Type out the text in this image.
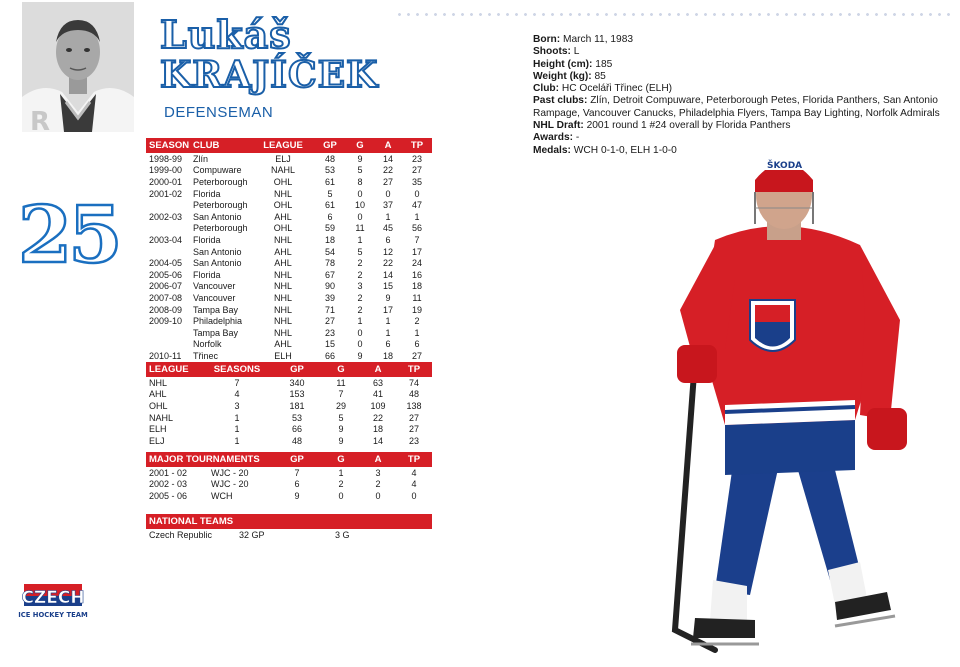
R
Lukáš
KRAJÍČEK
DEFENSEMAN
25
SEASON	CLUB	LEAGUE	GP	G	A	TP
1998-99	Zlín	ELJ	48	9	14	23
1999-00	Compuware	NAHL	53	5	22	27
2000-01	Peterborough	OHL	61	8	27	35
2001-02	Florida	NHL	5	0	0	0
	Peterborough	OHL	61	10	37	47
2002-03	San Antonio	AHL	6	0	1	1
	Peterborough	OHL	59	11	45	56
2003-04	Florida	NHL	18	1	6	7
	San Antonio	AHL	54	5	12	17
2004-05	San Antonio	AHL	78	2	22	24
2005-06	Florida	NHL	67	2	14	16
2006-07	Vancouver	NHL	90	3	15	18
2007-08	Vancouver	NHL	39	2	9	11
2008-09	Tampa Bay	NHL	71	2	17	19
2009-10	Philadelphia	NHL	27	1	1	2
	Tampa Bay	NHL	23	0	1	1
	Norfolk	AHL	15	0	6	6
2010-11	Třinec	ELH	66	9	18	27
LEAGUE	SEASONS	GP	G	A	TP
NHL	7	340	11	63	74
AHL	4	153	7	41	48
OHL	3	181	29	109	138
NAHL	1	53	5	22	27
ELH	1	66	9	18	27
ELJ	1	48	9	14	23
MAJOR TOURNAMENTS		GP	G	A	TP
2001 - 02	WJC - 20	7	1	3	4
2002 - 03	WJC - 20	6	2	2	4
2005 - 06	WCH	9	0	0	0
NATIONAL TEAMS
Czech Republic	32 GP	3 G
Born: March 11, 1983
Shoots: L
Height (cm): 185
Weight (kg): 85
Club: HC Oceláři Třinec (ELH)
Past clubs: Zlín, Detroit Compuware, Peterborough Petes, Florida Panthers, San Antonio Rampage, Vancouver Canucks, Philadelphia Flyers, Tampa Bay Lighting, Norfolk Admirals
NHL Draft: 2001 round 1 #24 overall by Florida Panthers
Awards: -
Medals: WCH 0-1-0, ELH 1-0-0
ŠKODA
CZECH
ICE HOCKEY TEAM
